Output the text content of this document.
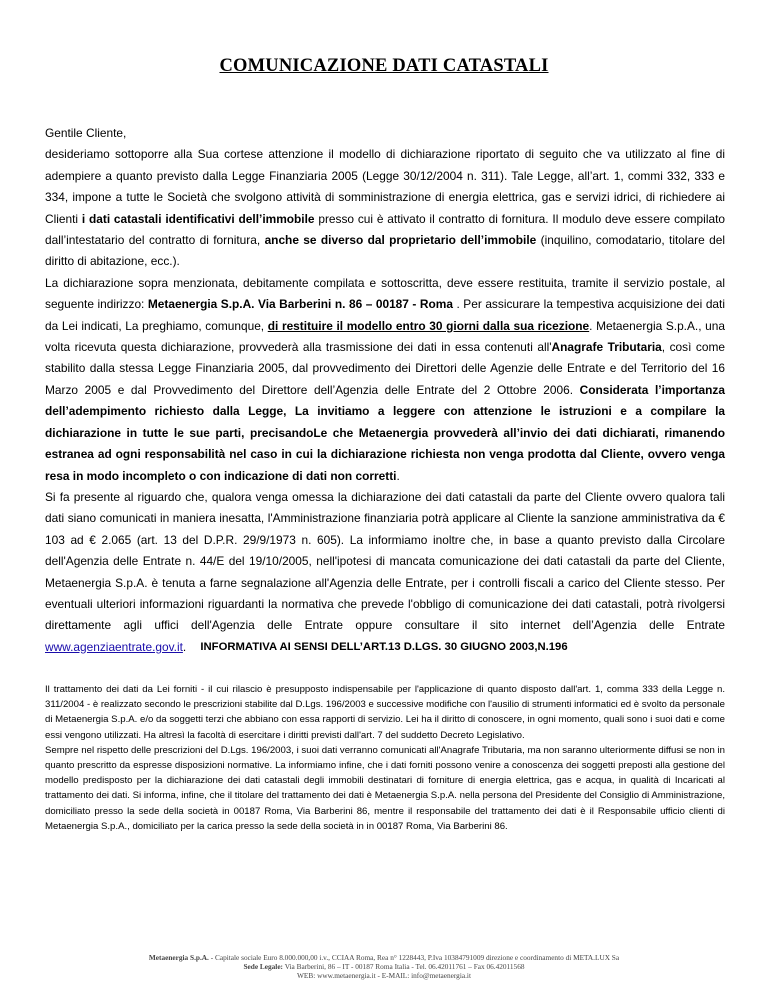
COMUNICAZIONE DATI CATASTALI

Gentile Cliente,

desideriamo sottoporre alla Sua cortese attenzione il modello di dichiarazione riportato di seguito che va utilizzato al fine di adempiere a quanto previsto dalla Legge Finanziaria 2005 (Legge 30/12/2004 n. 311). Tale Legge, all’art. 1, commi 332, 333 e 334, impone a tutte le Società che svolgono attività di somministrazione di energia elettrica, gas e servizi idrici, di richiedere ai Clienti i dati catastali identificativi dell’immobile presso cui è attivato il contratto di fornitura. Il modulo deve essere compilato dall’intestatario del contratto di fornitura, anche se diverso dal proprietario dell’immobile (inquilino, comodatario, titolare del diritto di abitazione, ecc.).

La dichiarazione sopra menzionata, debitamente compilata e sottoscritta, deve essere restituita, tramite il servizio postale, al seguente indirizzo: Metaenergia S.p.A. Via Barberini n. 86 – 00187 - Roma . Per assicurare la tempestiva acquisizione dei dati da Lei indicati, La preghiamo, comunque, di restituire il modello entro 30 giorni dalla sua ricezione. Metaenergia S.p.A., una volta ricevuta questa dichiarazione, provvederà alla trasmissione dei dati in essa contenuti all'Anagrafe Tributaria, così come stabilito dalla stessa Legge Finanziaria 2005, dal provvedimento dei Direttori delle Agenzie delle Entrate e del Territorio del 16 Marzo 2005 e dal Provvedimento del Direttore dell’Agenzia delle Entrate del 2 Ottobre 2006. Considerata l’importanza dell’adempimento richiesto dalla Legge, La invitiamo a leggere con attenzione le istruzioni e a compilare la dichiarazione in tutte le sue parti, precisandoLe che Metaenergia provvederà all’invio dei dati dichiarati, rimanendo estranea ad ogni responsabilità nel caso in cui la dichiarazione richiesta non venga prodotta dal Cliente, ovvero venga resa in modo incompleto o con indicazione di dati non corretti.

Si fa presente al riguardo che, qualora venga omessa la dichiarazione dei dati catastali da parte del Cliente ovvero qualora tali dati siano comunicati in maniera inesatta, l'Amministrazione finanziaria potrà applicare al Cliente la sanzione amministrativa da € 103 ad € 2.065 (art. 13 del D.P.R. 29/9/1973 n. 605). La informiamo inoltre che, in base a quanto previsto dalla Circolare dell'Agenzia delle Entrate n. 44/E del 19/10/2005, nell'ipotesi di mancata comunicazione dei dati catastali da parte del Cliente, Metaenergia S.p.A. è tenuta a farne segnalazione all'Agenzia delle Entrate, per i controlli fiscali a carico del Cliente stesso. Per eventuali ulteriori informazioni riguardanti la normativa che prevede l'obbligo di comunicazione dei dati catastali, potrà rivolgersi direttamente agli uffici dell'Agenzia delle Entrate oppure consultare il sito internet dell’Agenzia delle Entrate www.agenziaentrate.gov.it.	INFORMATIVA AI SENSI DELL’ART.13 D.LGS. 30 GIUGNO 2003,N.196

Il trattamento dei dati da Lei forniti - il cui rilascio è presupposto indispensabile per l'applicazione di quanto disposto dall'art. 1, comma 333 della Legge n. 311/2004 - è realizzato secondo le prescrizioni stabilite dal D.Lgs. 196/2003 e successive modifiche con l'ausilio di strumenti informatici ed è svolto da personale di Metaenergia S.p.A. e/o da soggetti terzi che abbiano con essa rapporti di servizio. Lei ha il diritto di conoscere, in ogni momento, quali sono i suoi dati e come essi vengono utilizzati. Ha altresì la facoltà di esercitare i diritti previsti dall'art. 7 del suddetto Decreto Legislativo.

Sempre nel rispetto delle prescrizioni del D.Lgs. 196/2003, i suoi dati verranno comunicati all'Anagrafe Tributaria, ma non saranno ulteriormente diffusi se non in quanto prescritto da espresse disposizioni normative. La informiamo infine, che i dati forniti possono venire a conoscenza dei soggetti preposti alla gestione del modello predisposto per la dichiarazione dei dati catastali degli immobili destinatari di forniture di energia elettrica, gas e acqua, in qualità di Incaricati al trattamento dei dati. Si informa, infine, che il titolare del trattamento dei dati è Metaenergia S.p.A. nella persona del Presidente del Consiglio di Amministrazione, domiciliato presso la sede della società in 00187 Roma, Via Barberini 86, mentre il responsabile del trattamento dei dati è il Responsabile ufficio clienti di Metaenergia S.p.A., domiciliato per la carica presso la sede della società in in 00187 Roma, Via Barberini 86.

Metaenergia S.p.A. - Capitale sociale Euro 8.000.000,00 i.v., CCIAA Roma, Rea n° 1228443, P.Iva 10384791009 direzione e coordinamento di META.LUX Sa
Sede Legale: Via Barberini, 86 – IT - 00187 Roma Italia - Tel. 06.42011761 – Fax 06.42011568
WEB: www.metaenergia.it - E-MAIL: info@metaenergia.it
